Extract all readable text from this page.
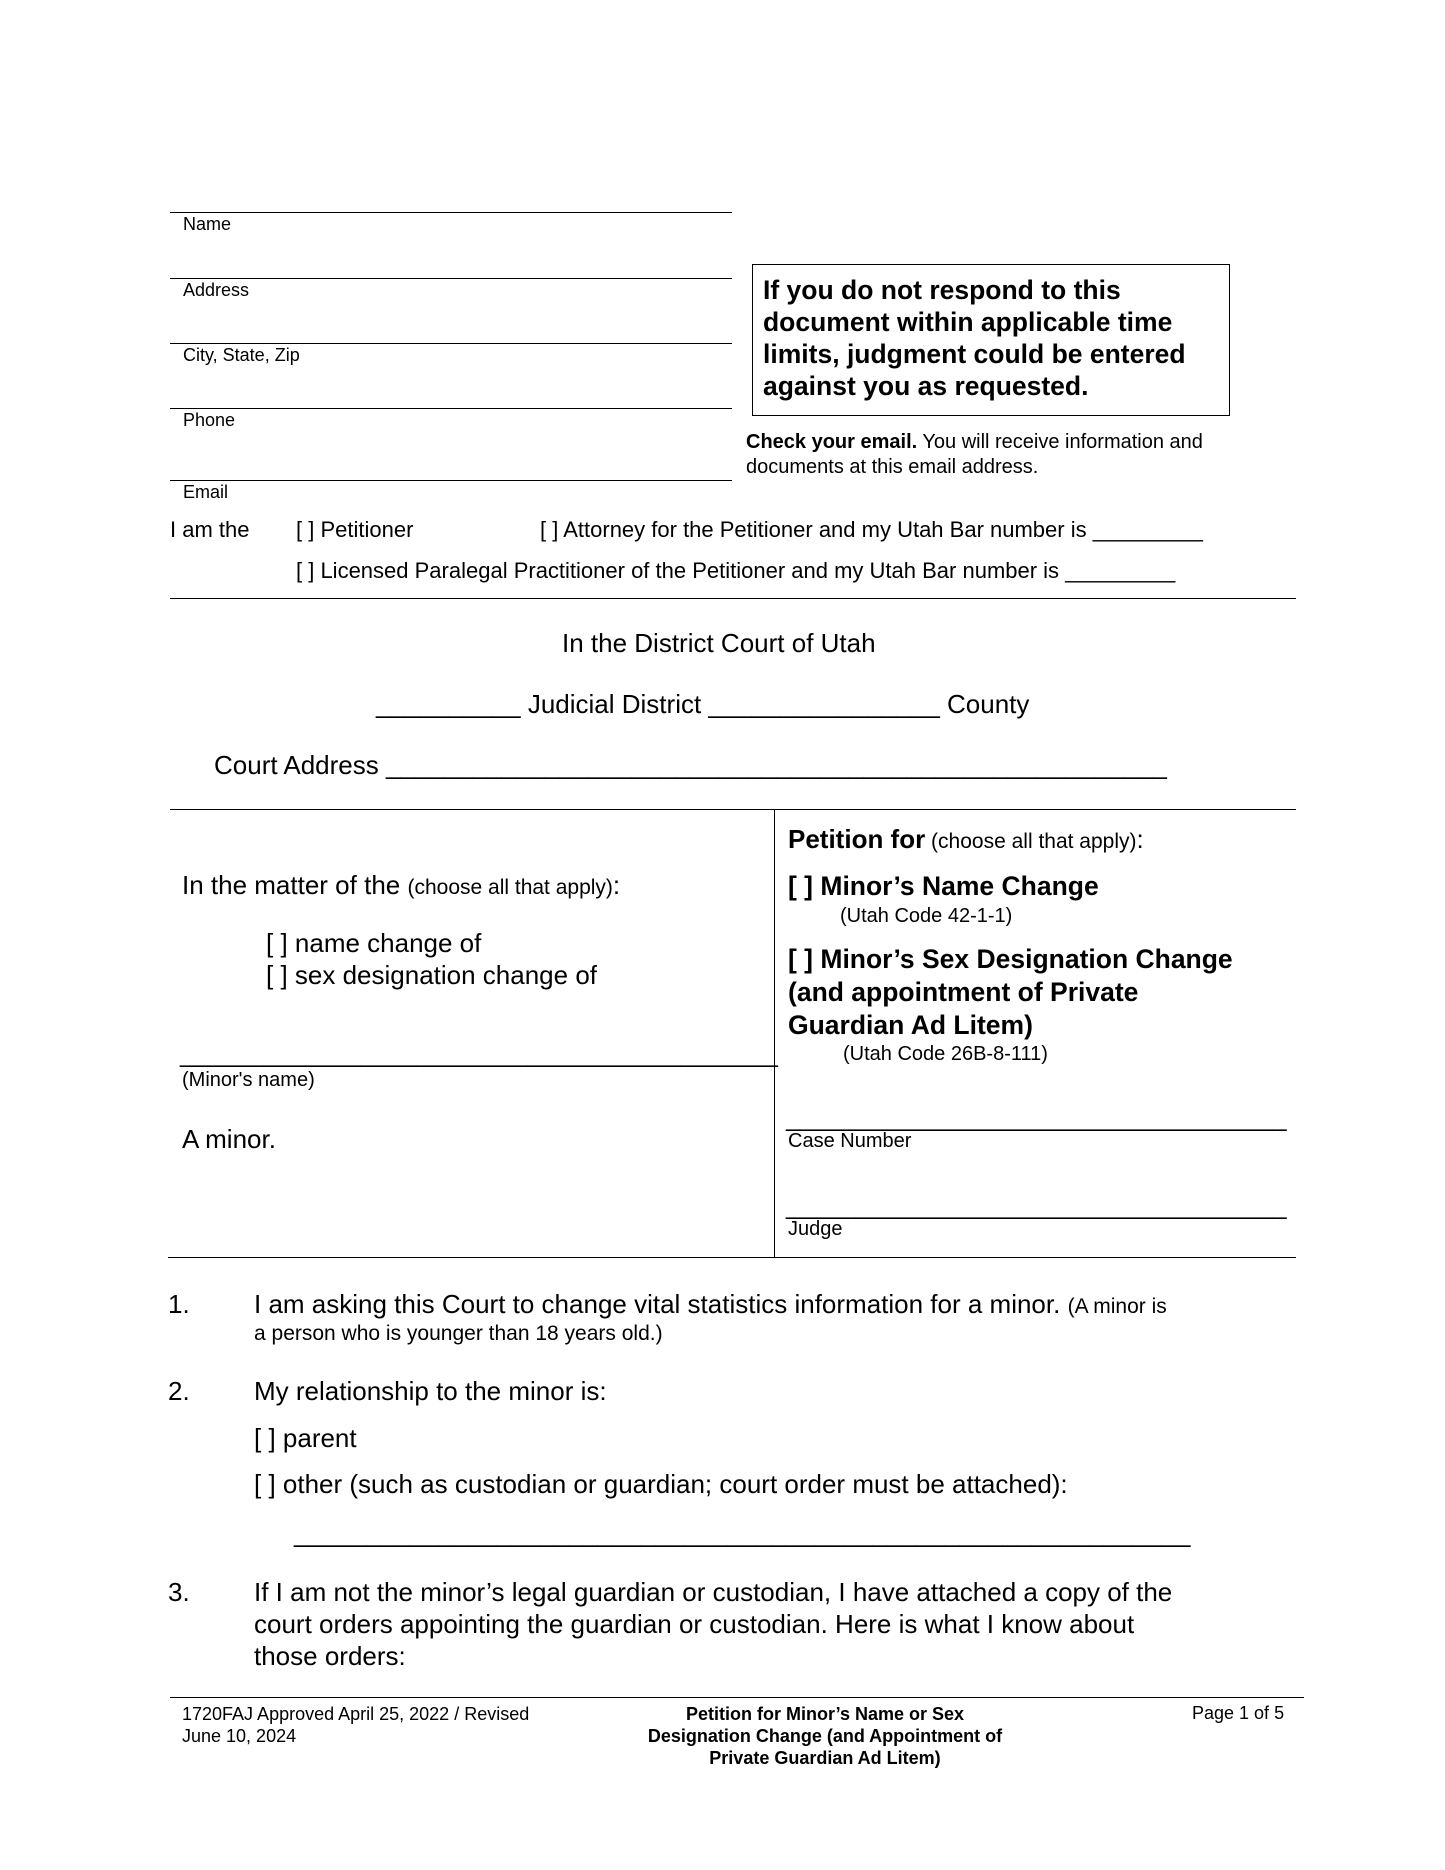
Name
Address
City, State, Zip
Phone
Email
If you do not respond to this document within applicable time limits, judgment could be entered against you as requested.
Check your email. You will receive information and documents at this email address.
I am the [ ] Petitioner	[ ] Attorney for the Petitioner and my Utah Bar number is _________
[ ] Licensed Paralegal Practitioner of the Petitioner and my Utah Bar number is _________
In the District Court of Utah
__________ Judicial District ________________ County
Court Address ______________________________________________________
In the matter of the (choose all that apply):
[ ] name change of
[ ] sex designation change of
___________________________________________
(Minor's name)
A minor.
Petition for (choose all that apply):
[ ] Minor’s Name Change
(Utah Code 42-1-1)
[ ] Minor’s Sex Designation Change
(and appointment of Private
Guardian Ad Litem)
(Utah Code 26B-8-111)
____________________________________
Case Number
____________________________________
Judge
1. I am asking this Court to change vital statistics information for a minor. (A minor is
a person who is younger than 18 years old.)
2. My relationship to the minor is:
[ ] parent
[ ] other (such as custodian or guardian; court order must be attached):
______________________________________________________________
3. If I am not the minor’s legal guardian or custodian, I have attached a copy of the
court orders appointing the guardian or custodian. Here is what I know about
those orders:
1720FAJ Approved April 25, 2022 / Revised
June 10, 2024
Petition for Minor’s Name or Sex
Designation Change (and Appointment of
Private Guardian Ad Litem)
Page 1 of 5
